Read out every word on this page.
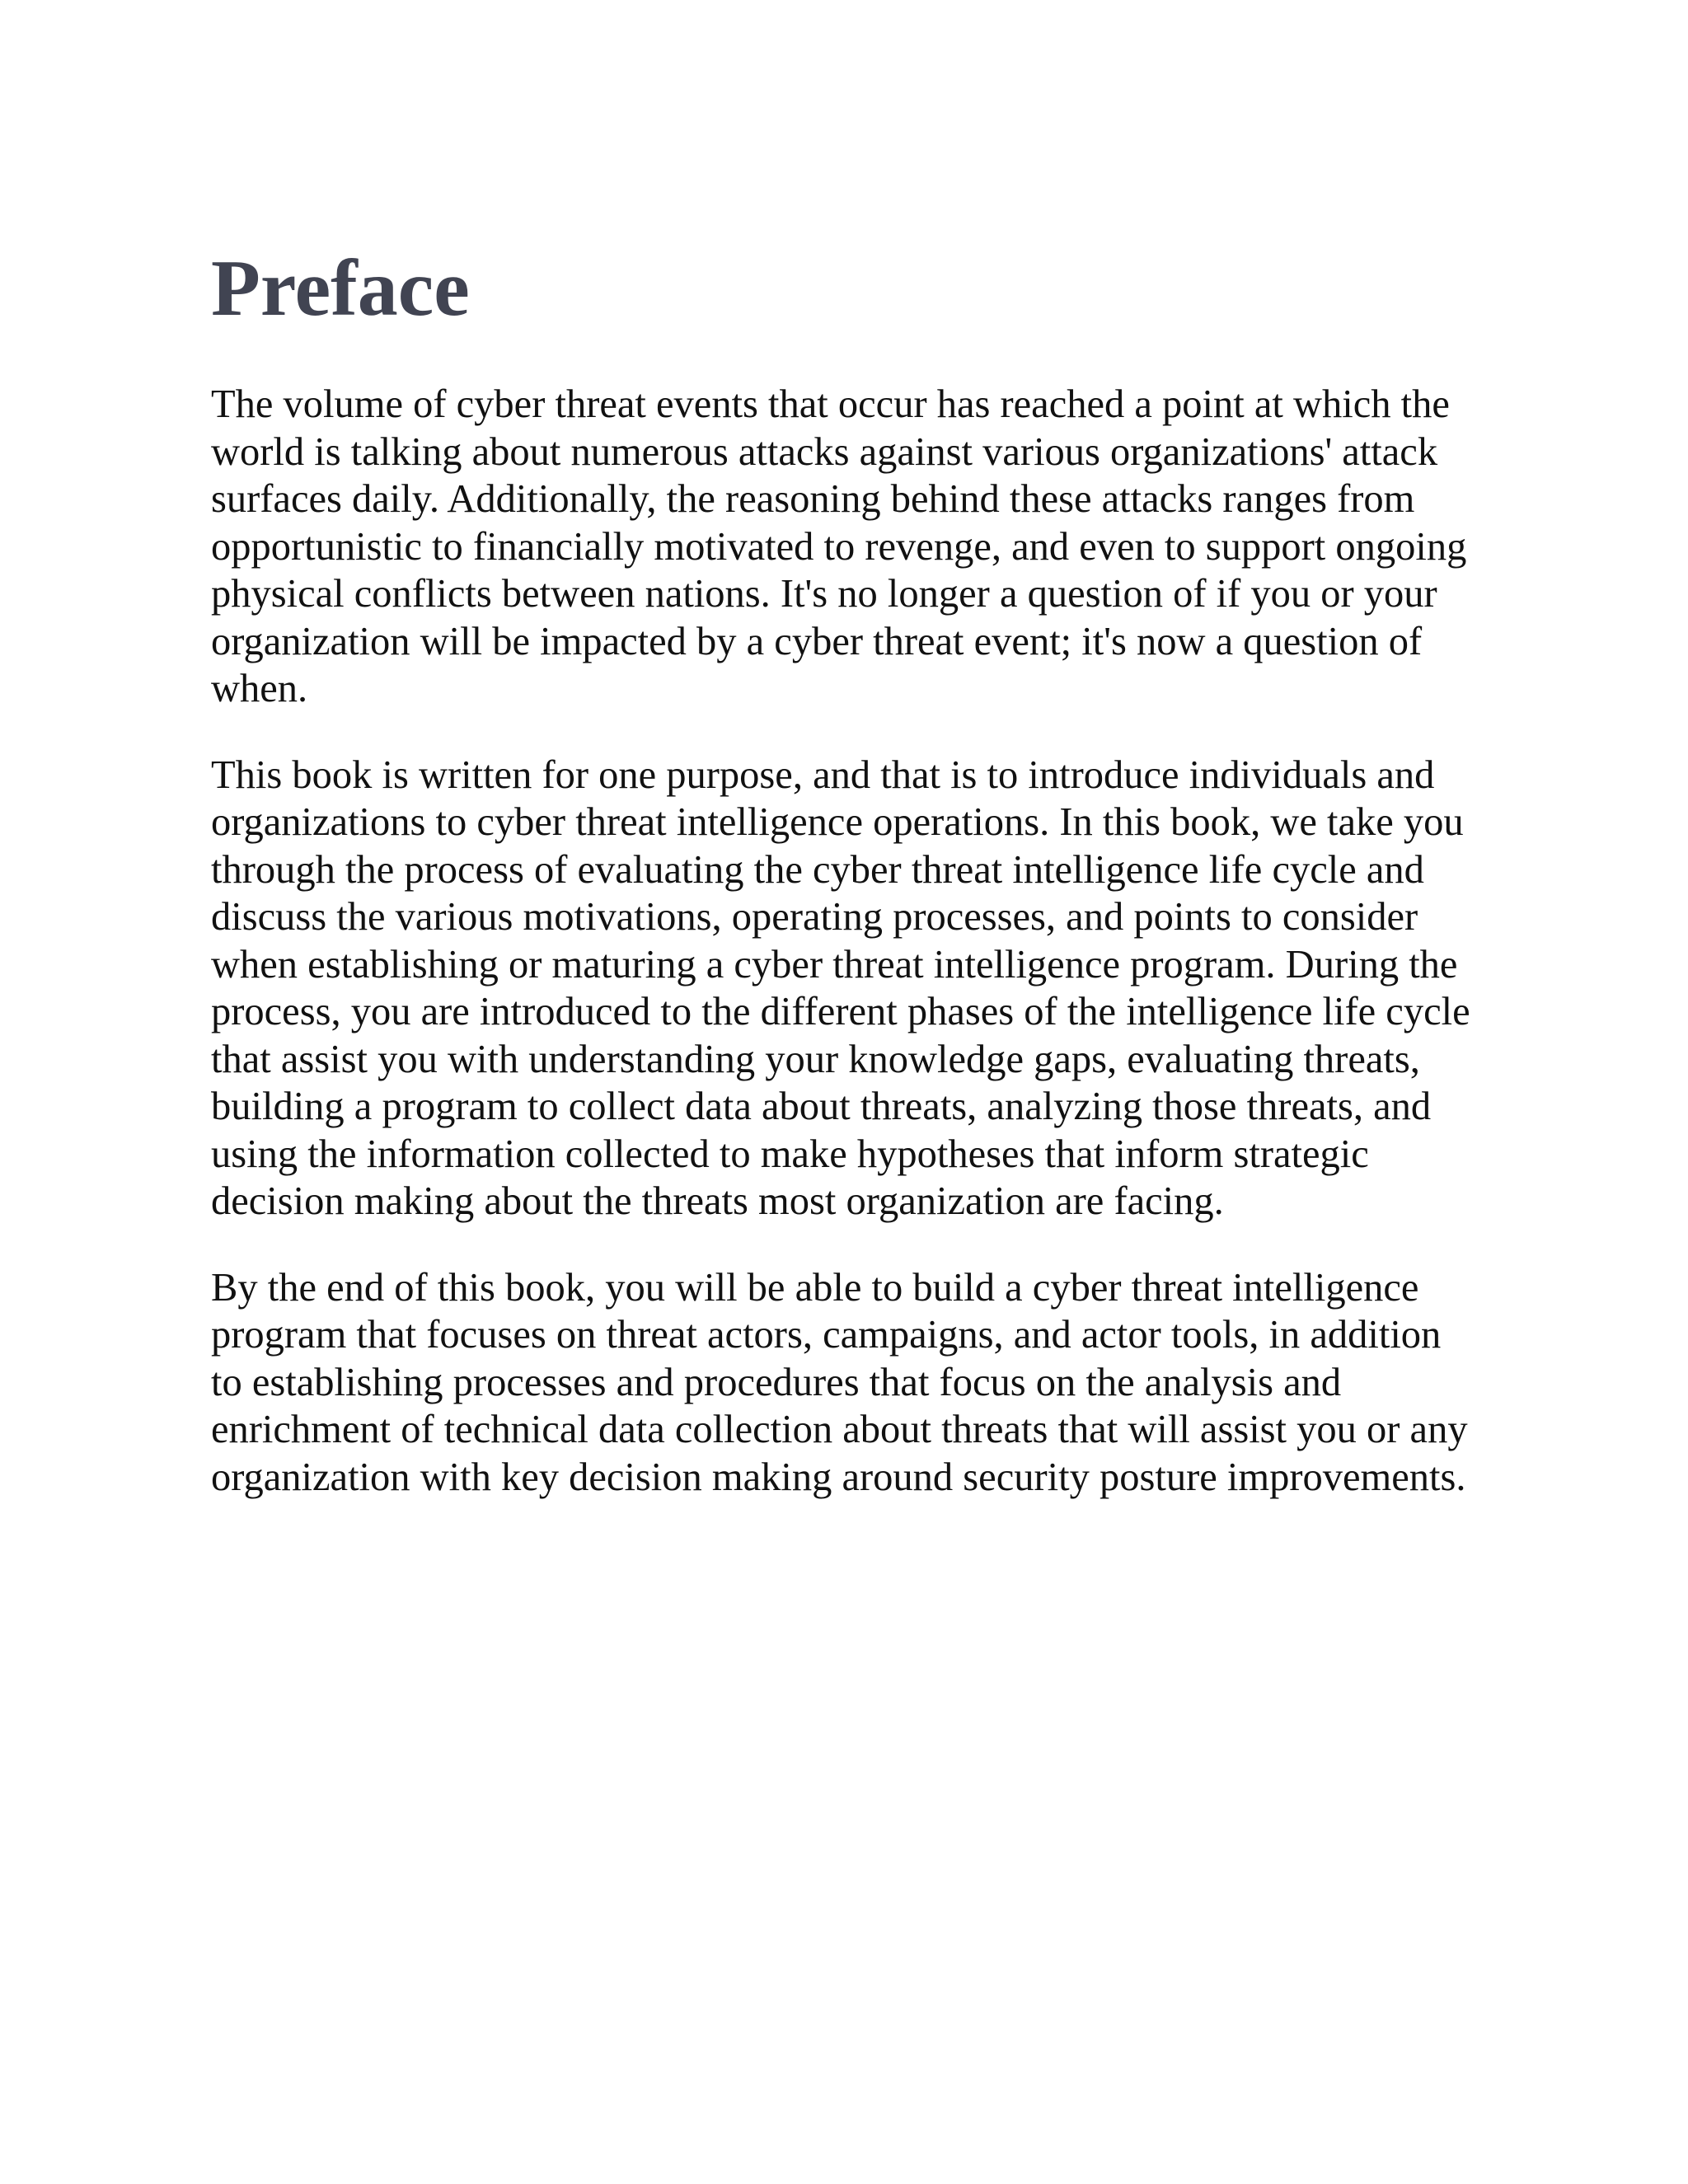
Preface

The volume of cyber threat events that occur has reached a point at which the world is talking about numerous attacks against various organizations' attack surfaces daily. Additionally, the reasoning behind these attacks ranges from opportunistic to financially motivated to revenge, and even to support ongoing physical conflicts between nations. It's no longer a question of if you or your organization will be impacted by a cyber threat event; it's now a question of when.

This book is written for one purpose, and that is to introduce individuals and organizations to cyber threat intelligence operations. In this book, we take you through the process of evaluating the cyber threat intelligence life cycle and discuss the various motivations, operating processes, and points to consider when establishing or maturing a cyber threat intelligence program. During the process, you are introduced to the different phases of the intelligence life cycle that assist you with understanding your knowledge gaps, evaluating threats, building a program to collect data about threats, analyzing those threats, and using the information collected to make hypotheses that inform strategic decision making about the threats most organization are facing.

By the end of this book, you will be able to build a cyber threat intelligence program that focuses on threat actors, campaigns, and actor tools, in addition to establishing processes and procedures that focus on the analysis and enrichment of technical data collection about threats that will assist you or any organization with key decision making around security posture improvements.
